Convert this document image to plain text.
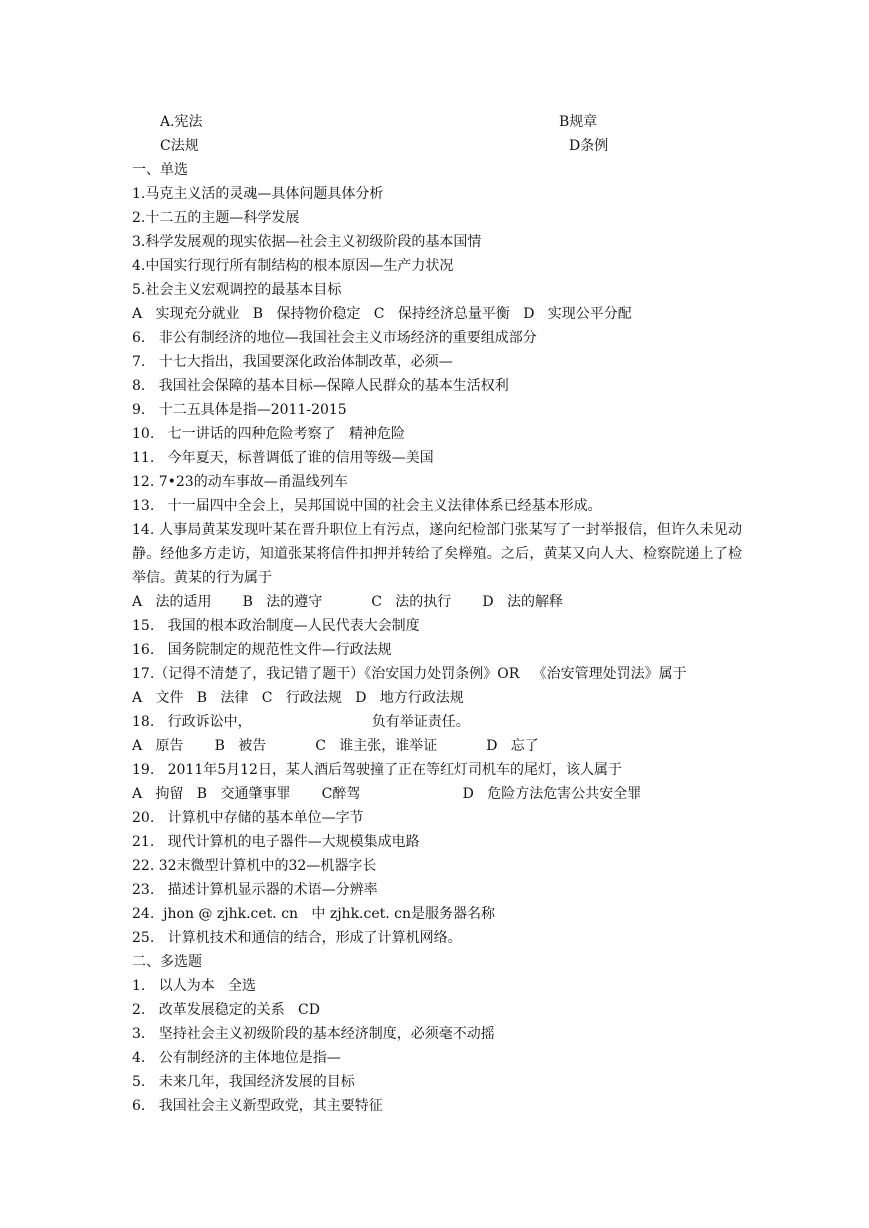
A.宪法	B规章
C法规	D条例
一、单选
1.马克主义活的灵魂—具体问题具体分析
2.十二五的主题—科学发展
3.科学发展观的现实依据—社会主义初级阶段的基本国情
4.中国实行现行所有制结构的根本原因—生产力状况
5.社会主义宏观调控的最基本目标
A   实现充分就业   B   保持物价稳定   C   保持经济总量平衡   D   实现公平分配
6.   非公有制经济的地位—我国社会主义市场经济的重要组成部分
7.   十七大指出，我国要深化政治体制改革，必须—
8.   我国社会保障的基本目标—保障人民群众的基本生活权利
9.   十二五具体是指—2011-2015
10.   七一讲话的四种危险考察了   精神危险
11.   今年夏天，标普调低了谁的信用等级—美国
12. 7•23的动车事故—甬温线列车
13.   十一届四中全会上，吴邦国说中国的社会主义法律体系已经基本形成。
14. 人事局黄某发现叶某在晋升职位上有污点，遂向纪检部门张某写了一封举报信，但许久未见动静。经他多方走访，知道张某将信件扣押并转给了矣榉殖。之后，黄某又向人大、检察院递上了检举信。黄某的行为属于
A   法的适用       B   法的遵守           C   法的执行       D   法的解释
15.   我国的根本政治制度—人民代表大会制度
16.   国务院制定的规范性文件—行政法规
17.（记得不清楚了，我记错了题干）《治安国力处罚条例》OR   《治安管理处罚法》属于
A   文件   B   法律   C   行政法规   D   地方行政法规
18.   行政诉讼中，                           负有举证责任。
A   原告       B   被告           C   谁主张，谁举证           D   忘了
19.   2011年5月12日，某人酒后驾驶撞了正在等红灯司机车的尾灯，该人属于
A   拘留   B   交通肇事罪       C醉驾                       D   危险方法危害公共安全罪
20.   计算机中存储的基本单位—字节
21.   现代计算机的电子器件—大规模集成电路
22. 32末微型计算机中的32—机器字长
23.   描述计算机显示器的术语—分辨率
24.  jhon @ zjhk.cet. cn   中 zjhk.cet. cn是服务器名称
25.   计算机技术和通信的结合，形成了计算机网络。
二、多选题
1.   以人为本   全选
2.   改革发展稳定的关系   CD
3.   坚持社会主义初级阶段的基本经济制度，必须毫不动摇
4.   公有制经济的主体地位是指—
5.   未来几年，我国经济发展的目标
6.   我国社会主义新型政党，其主要特征
